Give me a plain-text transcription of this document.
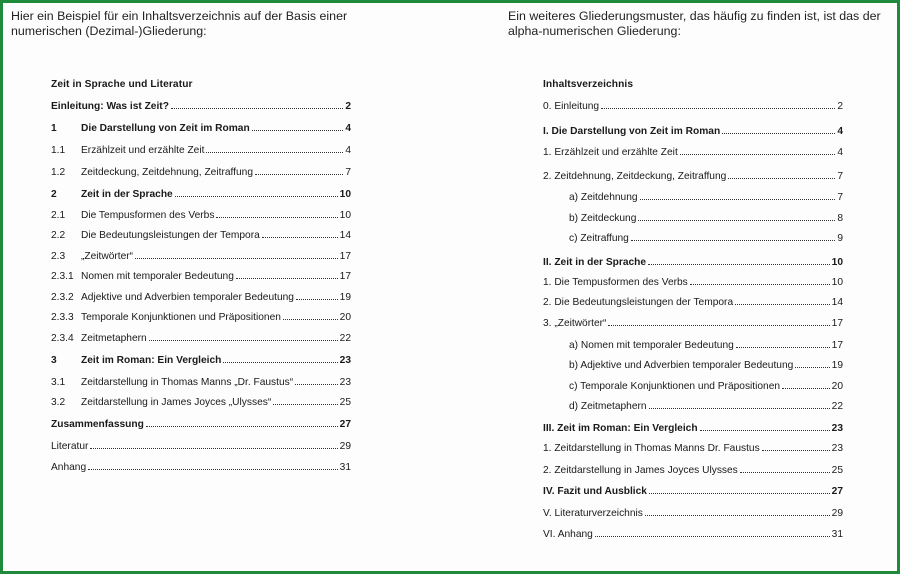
Hier ein Beispiel für ein Inhaltsverzeichnis auf der Basis einer numerischen (Dezimal-)Gliederung:
Ein weiteres Gliederungsmuster, das häufig zu finden ist, ist das der alpha-numerischen Gliederung:
Zeit in Sprache und Literatur
Einleitung: Was ist Zeit?	2
1	Die Darstellung von Zeit im Roman	4
1.1	Erzählzeit und erzählte Zeit	4
1.2	Zeitdeckung, Zeitdehnung, Zeitraffung	7
2	Zeit in der Sprache	10
2.1	Die Tempusformen des Verbs	10
2.2	Die Bedeutungsleistungen der Tempora	14
2.3	„Zeitwörter“	17
2.3.1 Nomen mit temporaler Bedeutung	17
2.3.2 Adjektive und Adverbien temporaler Bedeutung	19
2.3.3 Temporale Konjunktionen und Präpositionen	20
2.3.4 Zeitmetaphern	22
3	Zeit im Roman: Ein Vergleich	23
3.1	Zeitdarstellung in Thomas Manns „Dr. Faustus“	23
3.2	Zeitdarstellung in James Joyces „Ulysses“	25
Zusammenfassung	27
Literatur	29
Anhang	31
Inhaltsverzeichnis
0. Einleitung	2
I. Die Darstellung von Zeit im Roman	4
1. Erzählzeit und erzählte Zeit	4
2. Zeitdehnung, Zeitdeckung, Zeitraffung	7
a) Zeitdehnung	7
b) Zeitdeckung	8
c) Zeitraffung	9
II. Zeit in der Sprache	10
1. Die Tempusformen des Verbs	10
2. Die Bedeutungsleistungen der Tempora	14
3. „Zeitwörter“	17
a) Nomen mit temporaler Bedeutung	17
b) Adjektive und Adverbien temporaler Bedeutung	19
c) Temporale Konjunktionen und Präpositionen	20
d) Zeitmetaphern	22
III. Zeit im Roman: Ein Vergleich	23
1. Zeitdarstellung in Thomas Manns Dr. Faustus	23
2. Zeitdarstellung in James Joyces Ulysses	25
IV. Fazit und Ausblick	27
V. Literaturverzeichnis	29
VI. Anhang	31
